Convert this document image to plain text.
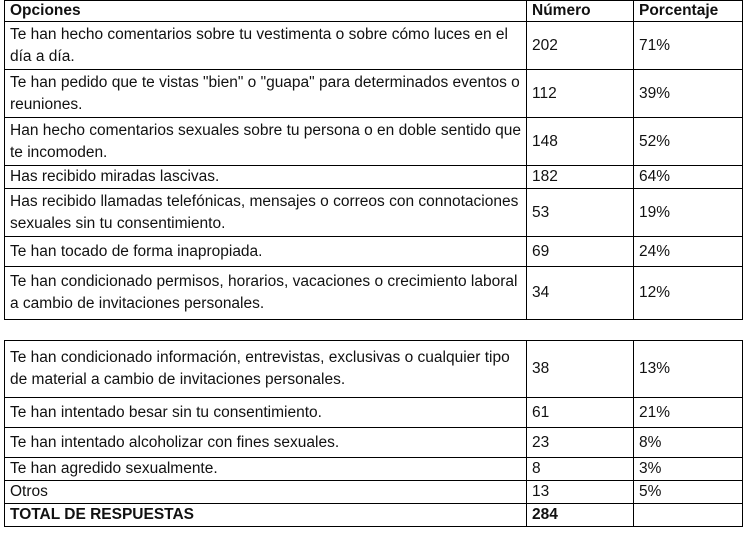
Opciones	Número	Porcentaje
Te han hecho comentarios sobre tu vestimenta o sobre cómo luces en el día a día.	202	71%
Te han pedido que te vistas "bien" o "guapa" para determinados eventos o reuniones.	112	39%
Han hecho comentarios sexuales sobre tu persona o en doble sentido que te incomoden.	148	52%
Has recibido miradas lascivas.	182	64%
Has recibido llamadas telefónicas, mensajes o correos con connotaciones sexuales sin tu consentimiento.	53	19%
Te han tocado de forma inapropiada.	69	24%
Te han condicionado permisos, horarios, vacaciones o crecimiento laboral a cambio de invitaciones personales.	34	12%
Te han condicionado información, entrevistas, exclusivas o cualquier tipo de material a cambio de invitaciones personales.	38	13%
Te han intentado besar sin tu consentimiento.	61	21%
Te han intentado alcoholizar con fines sexuales.	23	8%
Te han agredido sexualmente.	8	3%
Otros	13	5%
TOTAL DE RESPUESTAS	284	
